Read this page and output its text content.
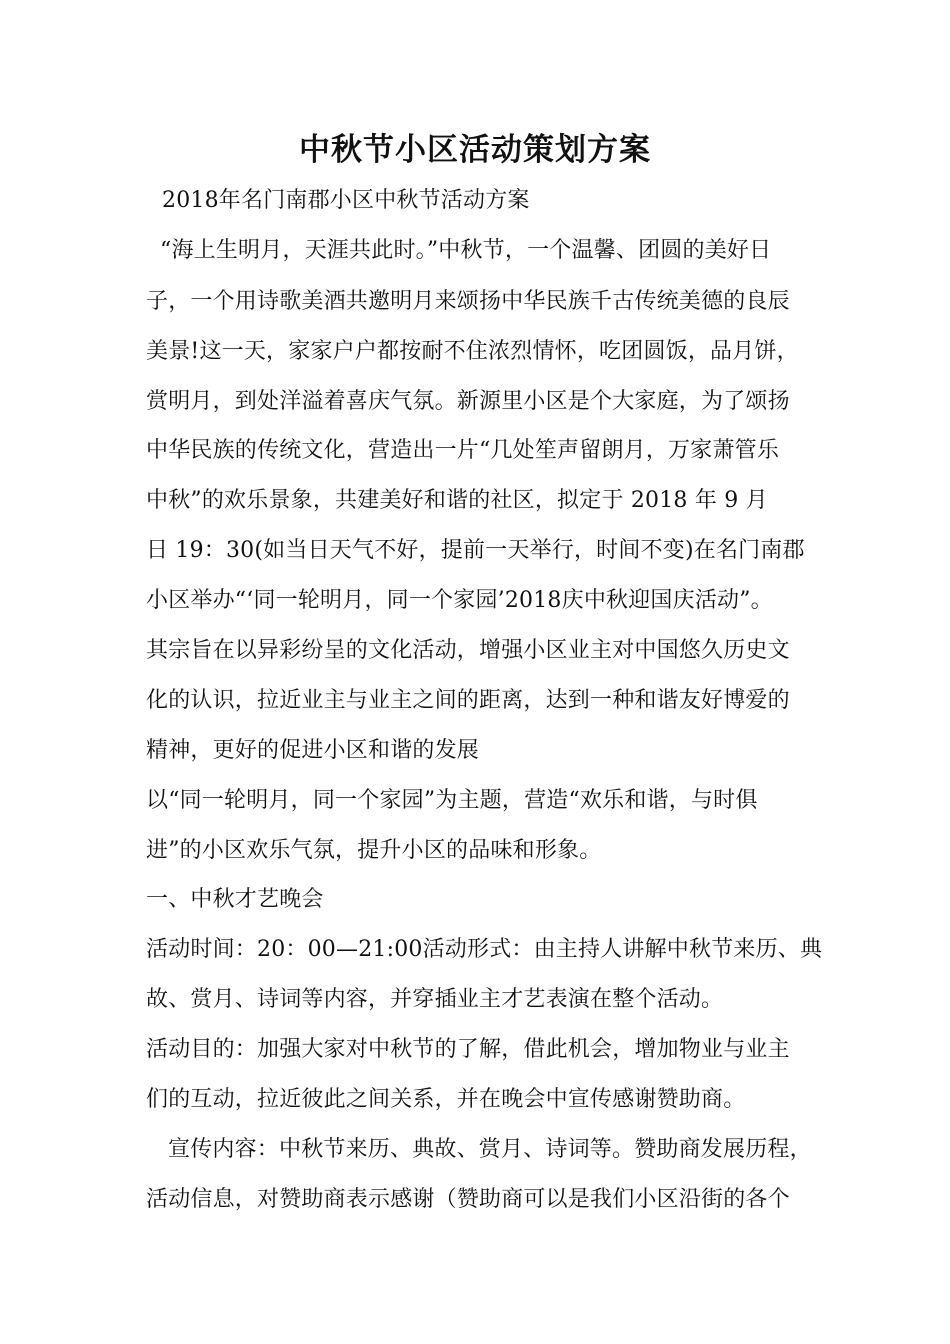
中秋节小区活动策划方案
2018年名门南郡小区中秋节活动方案
“海上生明月，天涯共此时。”中秋节，一个温馨、团圆的美好日
子，一个用诗歌美酒共邀明月来颂扬中华民族千古传统美德的良辰
美景!这一天，家家户户都按耐不住浓烈情怀，吃团圆饭，品月饼，
赏明月，到处洋溢着喜庆气氛。新源里小区是个大家庭，为了颂扬
中华民族的传统文化，营造出一片“几处笙声留朗月，万家萧管乐
中秋”的欢乐景象，共建美好和谐的社区，拟定于 2018 年 9 月
日 19：30(如当日天气不好，提前一天举行，时间不变)在名门南郡
小区举办“‘同一轮明月，同一个家园’2018庆中秋迎国庆活动”。
其宗旨在以异彩纷呈的文化活动，增强小区业主对中国悠久历史文
化的认识，拉近业主与业主之间的距离，达到一种和谐友好博爱的
精神，更好的促进小区和谐的发展
以“同一轮明月，同一个家园”为主题，营造“欢乐和谐，与时俱
进”的小区欢乐气氛，提升小区的品味和形象。
一、中秋才艺晚会
活动时间：20：00—21:00活动形式：由主持人讲解中秋节来历、典
故、赏月、诗词等内容，并穿插业主才艺表演在整个活动。
活动目的：加强大家对中秋节的了解，借此机会，增加物业与业主
们的互动，拉近彼此之间关系，并在晚会中宣传感谢赞助商。
宣传内容：中秋节来历、典故、赏月、诗词等。赞助商发展历程，
活动信息，对赞助商表示感谢（赞助商可以是我们小区沿街的各个
